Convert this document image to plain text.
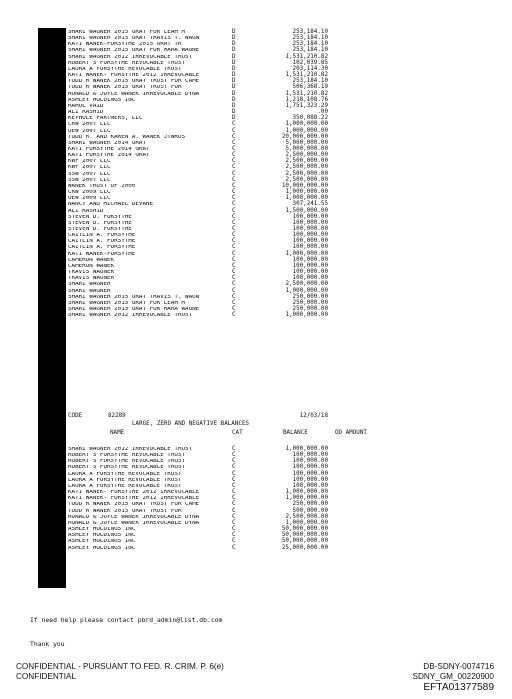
SHARI WAGNER 2015 GRAT FOR LEAH M	D	253,184.10
SHARI WAGNER 2015 GRAT TRAVIS T. WAGN	D	253,184.10
KATI WANEK-FORSYTHE 2015 GRAT TR	D	253,184.10
SHARI WAGNER 2015 GRAT FOR MARA WAGNE	D	253,184.10
SHARI WAGNER 2012 IRREVOCABLE TRUST	D	1,531,210.82
ROBERT S FORSYTHE REVOCABLE TRUST	D	102,039.85
LAURA A FORSYTHE REVOCABLE TRUST	D	203,114.30
KATI WANEK- FORSYTHE 2012 IRREVOCABLE	D	1,531,210.82
TODD R WANEK 2015 GRAT TRUST FOR CAME	D	253,184.10
TODD R WANEK 2015 GRAT TRUST FOR	D	506,368.19
RONALD & JOYCE WANEK IRREVOCABLE DYNA	D	1,531,210.82
ASHLEY HOLDINGS INC	D	1,218,108.76
RAHUL VAID	D	1,751,323.29
ALI RASHID	D	.00
KEYHOLE PARTNERS, LLC	D	350,088.22
CRW 2007 LLC	C	1,000,000.00
GEW 2007 LLC	C	1,000,000.00
TODD R. AND KAREN A. WANEK JTWROS	C	20,000,000.00
SHARI WAGNER 2014 GRAT	C	5,000,000.00
KATI FORSYTHE 2014 GRAT	C	5,000,000.00
KATI FORSYTHE 2014 GRAT	C	2,500,000.00
KWF 2007 LLC	C	2,500,000.00
KWF 2007 LLC	C	2,500,000.00
SSW 2007 LLC	C	2,500,000.00
SSW 2007 LLC	C	2,500,000.00
WANEK TRUST OF 2000	C	10,000,000.00
CRW 2009 LLC	C	1,000,000.00
GEW 2009 LLC	C	1,000,000.00
NANCY AND MICHAEL DEVANE	C	307,241.55
ALI RASHID	C	1,500,000.00
STEVEN D. FORSYTHE	C	100,000.00
STEVEN D. FORSYTHE	C	100,000.00
STEVEN D. FORSYTHE	C	100,000.00
CAITLIN A. FORSYTHE	C	100,000.00
CAITLIN A. FORSYTHE	C	100,000.00
CAITLIN A. FORSYTHE	C	100,000.00
KATI WANEK-FORSYTHE	C	1,000,000.00
CAMERON WANEK	C	100,000.00
CAMERON WANEK	C	100,000.00
TRAVIS WAGNER	C	100,000.00
TRAVIS WAGNER	C	100,000.00
SHARI WAGNER	C	2,500,000.00
SHARI WAGNER	C	1,000,000.00
SHARI WAGNER 2015 GRAT TRAVIS T. WAGN	C	250,000.00
SHARI WAGNER 2015 GRAT FOR LEAH M	C	250,000.00
SHARI WAGNER 2015 GRAT FOR MARA WAGNE	C	250,000.00
SHARI WAGNER 2012 IRREVOCABLE TRUST	C	1,000,000.00
CODE	82289	12/03/18
LARGE, ZERO AND NEGATIVE BALANCES
NAME	CAT	BALANCE	OD AMOUNT
SHARI WAGNER 2012 IRREVOCABLE TRUST	C	1,000,000.00
ROBERT S FORSYTHE REVOCABLE TRUST	C	100,000.00
ROBERT S FORSYTHE REVOCABLE TRUST	C	100,000.00
ROBERT S FORSYTHE REVOCABLE TRUST	C	100,000.00
LAURA A FORSYTHE REVOCABLE TRUST	C	100,000.00
LAURA A FORSYTHE REVOCABLE TRUST	C	100,000.00
LAURA A FORSYTHE REVOCABLE TRUST	C	100,000.00
KATI WANEK- FORSYTHE 2012 IRREVOCABLE	C	1,000,000.00
KATI WANEK- FORSYTHE 2012 IRREVOCABLE	C	1,000,000.00
TODD R WANEK 2015 GRAT TRUST FOR CAME	C	250,000.00
TODD R WANEK 2015 GRAT TRUST FOR	C	500,000.00
RONALD & JOYCE WANEK IRREVOCABLE DYNA	C	2,500,000.00
RONALD & JOYCE WANEK IRREVOCABLE DYNA	C	1,000,000.00
ASHLEY HOLDINGS INC	C	50,000,000.00
ASHLEY HOLDINGS INC	C	50,000,000.00
ASHLEY HOLDINGS INC	C	50,000,000.00
ASHLEY HOLDINGS INC	C	25,000,000.00

If need help please contact pbrd_admin@list.db.com

Thank you

CONFIDENTIAL - PURSUANT TO FED. R. CRIM. P. 6(e)
CONFIDENTIAL
DB-SDNY-0074716
SDNY_GM_00220900
EFTA01377589
